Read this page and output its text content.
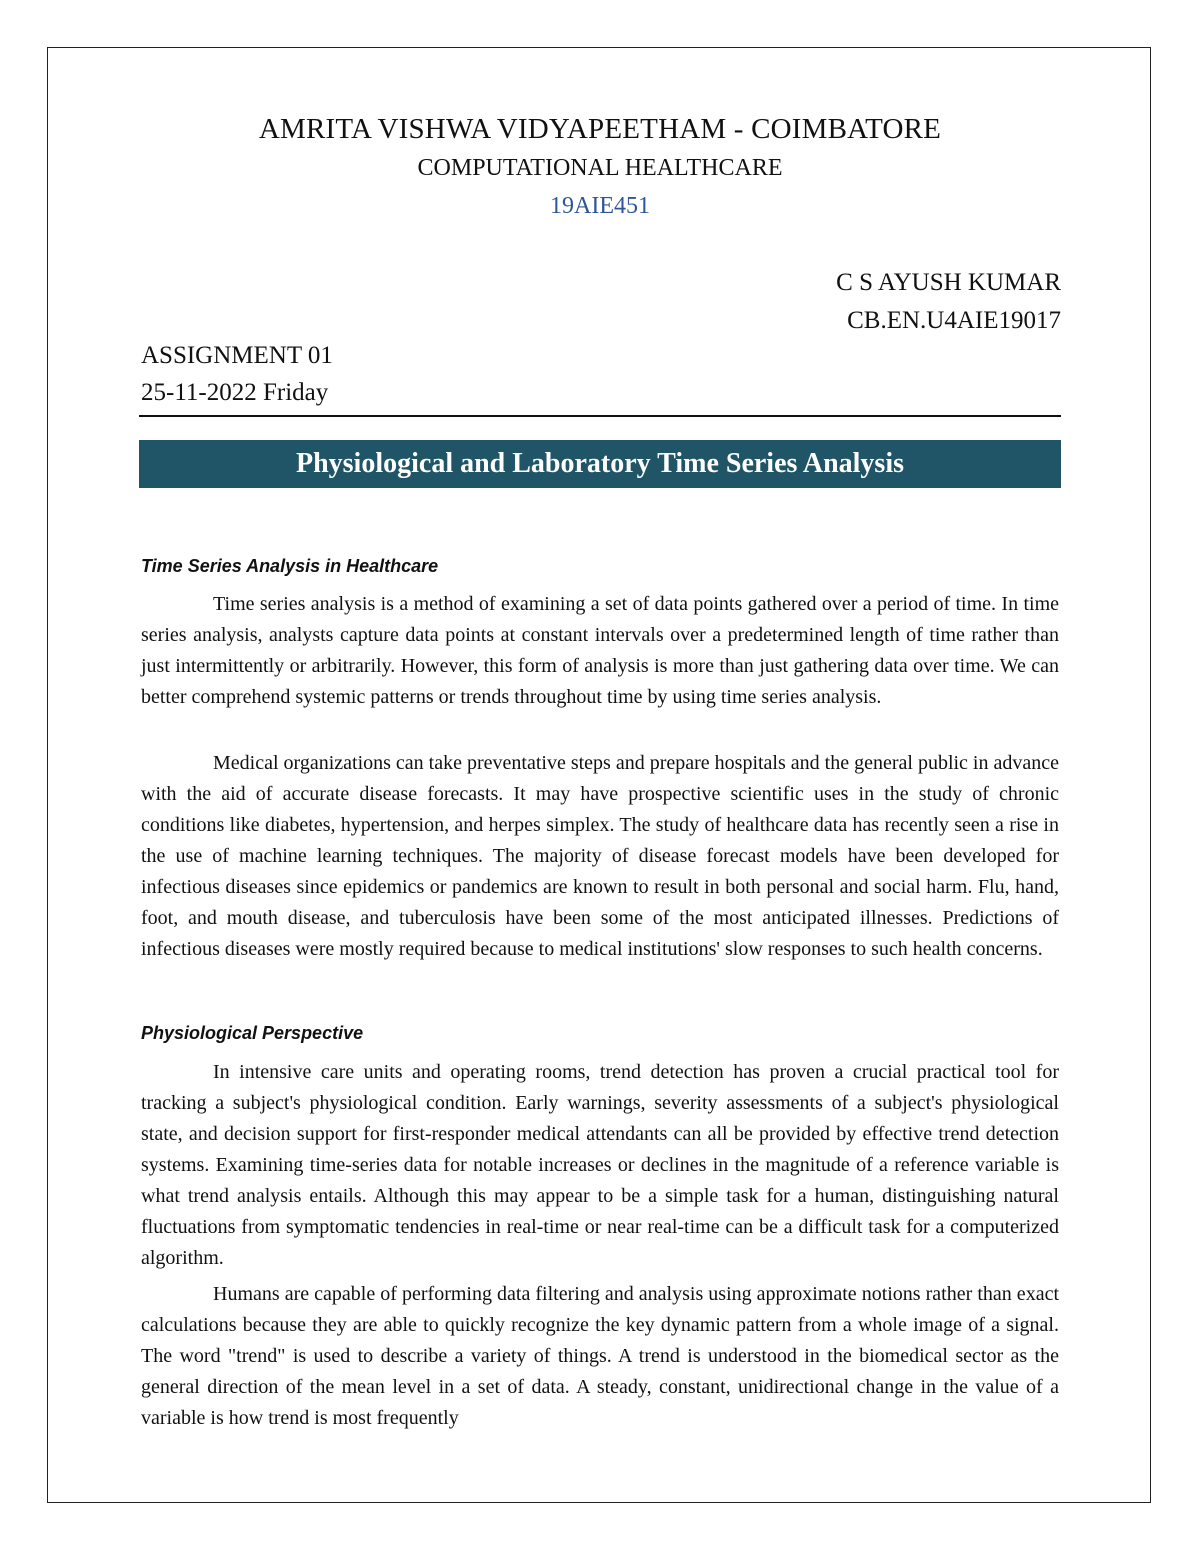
AMRITA VISHWA VIDYAPEETHAM - COIMBATORE
COMPUTATIONAL HEALTHCARE
19AIE451
C S AYUSH KUMAR
CB.EN.U4AIE19017
ASSIGNMENT 01
25-11-2022 Friday
Physiological and Laboratory Time Series Analysis
Time Series Analysis in Healthcare

Time series analysis is a method of examining a set of data points gathered over a period of time. In time series analysis, analysts capture data points at constant intervals over a predetermined length of time rather than just intermittently or arbitrarily. However, this form of analysis is more than just gathering data over time. We can better comprehend systemic patterns or trends throughout time by using time series analysis.

Medical organizations can take preventative steps and prepare hospitals and the general public in advance with the aid of accurate disease forecasts. It may have prospective scientific uses in the study of chronic conditions like diabetes, hypertension, and herpes simplex. The study of healthcare data has recently seen a rise in the use of machine learning techniques. The majority of disease forecast models have been developed for infectious diseases since epidemics or pandemics are known to result in both personal and social harm. Flu, hand, foot, and mouth disease, and tuberculosis have been some of the most anticipated illnesses. Predictions of infectious diseases were mostly required because to medical institutions' slow responses to such health concerns.

Physiological Perspective

In intensive care units and operating rooms, trend detection has proven a crucial practical tool for tracking a subject's physiological condition. Early warnings, severity assessments of a subject's physiological state, and decision support for first-responder medical attendants can all be provided by effective trend detection systems. Examining time-series data for notable increases or declines in the magnitude of a reference variable is what trend analysis entails. Although this may appear to be a simple task for a human, distinguishing natural fluctuations from symptomatic tendencies in real-time or near real-time can be a difficult task for a computerized algorithm.

Humans are capable of performing data filtering and analysis using approximate notions rather than exact calculations because they are able to quickly recognize the key dynamic pattern from a whole image of a signal. The word "trend" is used to describe a variety of things. A trend is understood in the biomedical sector as the general direction of the mean level in a set of data. A steady, constant, unidirectional change in the value of a variable is how trend is most frequently
